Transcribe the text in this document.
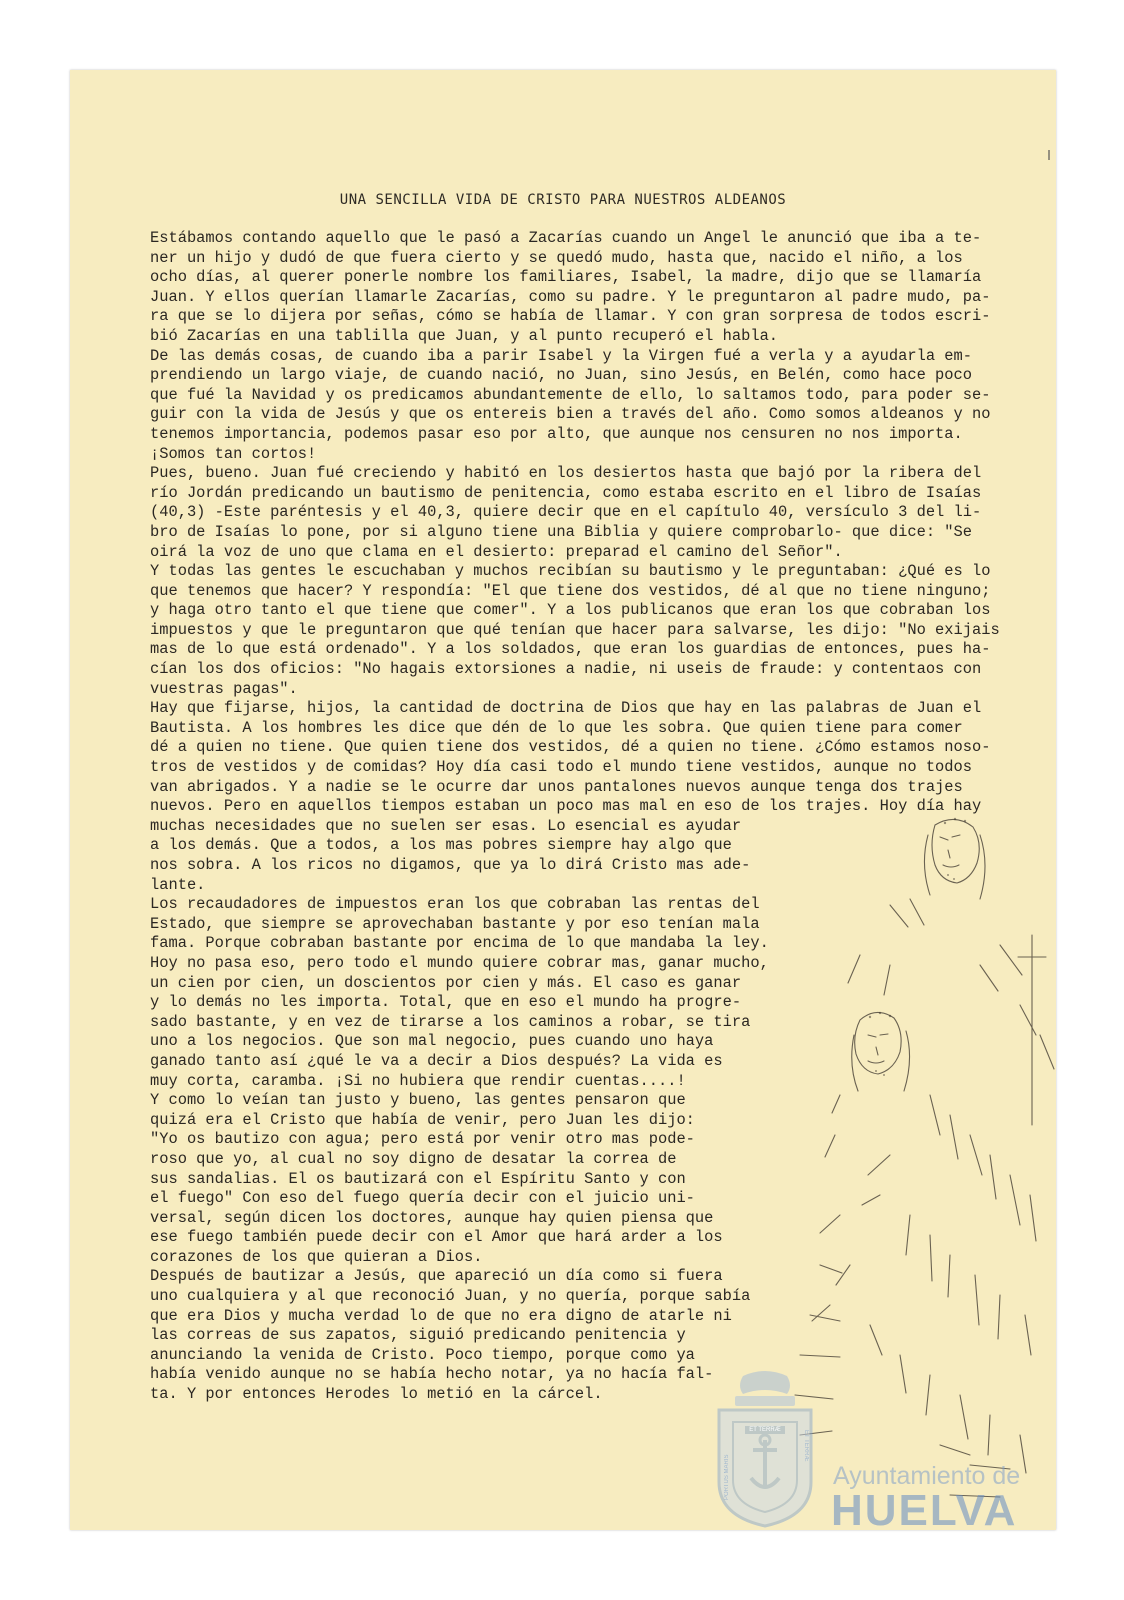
UNA SENCILLA VIDA DE CRISTO PARA NUESTROS ALDEANOS
Estábamos contando aquello que le pasó a Zacarías cuando un Angel le anunció que iba a te-
ner un hijo y dudó de que fuera cierto y se quedó mudo, hasta que, nacido el niño, a los
ocho días, al querer ponerle nombre los familiares, Isabel, la madre, dijo que se llamaría
Juan. Y ellos querían llamarle Zacarías, como su padre. Y le preguntaron al padre mudo, pa-
ra que se lo dijera por señas, cómo se había de llamar. Y con gran sorpresa de todos escri-
bió Zacarías en una tablilla que Juan, y al punto recuperó el habla.
De las demás cosas, de cuando iba a parir Isabel y la Virgen fué a verla y a ayudarla em-
prendiendo un largo viaje, de cuando nació, no Juan, sino Jesús, en Belén, como hace poco
que fué la Navidad y os predicamos abundantemente de ello, lo saltamos todo, para poder se-
guir con la vida de Jesús y que os entereis bien a través del año. Como somos aldeanos y no
tenemos importancia, podemos pasar eso por alto, que aunque nos censuren no nos importa.
¡Somos tan cortos!
Pues, bueno. Juan fué creciendo y habitó en los desiertos hasta que bajó por la ribera del
río Jordán predicando un bautismo de penitencia, como estaba escrito en el libro de Isaías
(40,3) -Este paréntesis y el 40,3, quiere decir que en el capítulo 40, versículo 3 del li-
bro de Isaías lo pone, por si alguno tiene una Biblia y quiere comprobarlo- que dice: "Se
oirá la voz de uno que clama en el desierto: preparad el camino del Señor".
Y todas las gentes le escuchaban y muchos recibían su bautismo y le preguntaban: ¿Qué es lo
que tenemos que hacer? Y respondía: "El que tiene dos vestidos, dé al que no tiene ninguno;
y haga otro tanto el que tiene que comer". Y a los publicanos que eran los que cobraban los
impuestos y que le preguntaron que qué tenían que hacer para salvarse, les dijo: "No exijais
mas de lo que está ordenado". Y a los soldados, que eran los guardias de entonces, pues ha-
cían los dos oficios: "No hagais extorsiones a nadie, ni useis de fraude: y contentaos con
vuestras pagas".
Hay que fijarse, hijos, la cantidad de doctrina de Dios que hay en las palabras de Juan el
Bautista. A los hombres les dice que dén de lo que les sobra. Que quien tiene para comer
dé a quien no tiene. Que quien tiene dos vestidos, dé a quien no tiene. ¿Cómo estamos noso-
tros de vestidos y de comidas? Hoy día casi todo el mundo tiene vestidos, aunque no todos
van abrigados. Y a nadie se le ocurre dar unos pantalones nuevos aunque tenga dos trajes
nuevos. Pero en aquellos tiempos estaban un poco mas mal en eso de los trajes. Hoy día hay
muchas necesidades que no suelen ser esas. Lo esencial es ayudar
a los demás. Que a todos, a los mas pobres siempre hay algo que
nos sobra. A los ricos no digamos, que ya lo dirá Cristo mas ade-
lante.
Los recaudadores de impuestos eran los que cobraban las rentas del
Estado, que siempre se aprovechaban bastante y por eso tenían mala
fama. Porque cobraban bastante por encima de lo que mandaba la ley.
Hoy no pasa eso, pero todo el mundo quiere cobrar mas, ganar mucho,
un cien por cien, un doscientos por cien y más. El caso es ganar
y lo demás no les importa. Total, que en eso el mundo ha progre-
sado bastante, y en vez de tirarse a los caminos a robar, se tira
uno a los negocios. Que son mal negocio, pues cuando uno haya
ganado tanto así ¿qué le va a decir a Dios después? La vida es
muy corta, caramba. ¡Si no hubiera que rendir cuentas....!
Y como lo veían tan justo y bueno, las gentes pensaron que
quizá era el Cristo que había de venir, pero Juan les dijo:
"Yo os bautizo con agua; pero está por venir otro mas pode-
roso que yo, al cual no soy digno de desatar la correa de
sus sandalias. El os bautizará con el Espíritu Santo y con
el fuego" Con eso del fuego quería decir con el juicio uni-
versal, según dicen los doctores, aunque hay quien piensa que
ese fuego también puede decir con el Amor que hará arder a los
corazones de los que quieran a Dios.
Después de bautizar a Jesús, que apareció un día como si fuera
uno cualquiera y al que reconoció Juan, y no quería, porque sabía
que era Dios y mucha verdad lo de que no era digno de atarle ni
las correas de sus zapatos, siguió predicando penitencia y
anunciando la venida de Cristo. Poco tiempo, porque como ya
había venido aunque no se había hecho notar, ya no hacía fal-
ta. Y por entonces Herodes lo metió en la cárcel.
ET TERRÆ
PORTUS MARIS
ET TERRÆ
Ayuntamiento de
HUELVA
